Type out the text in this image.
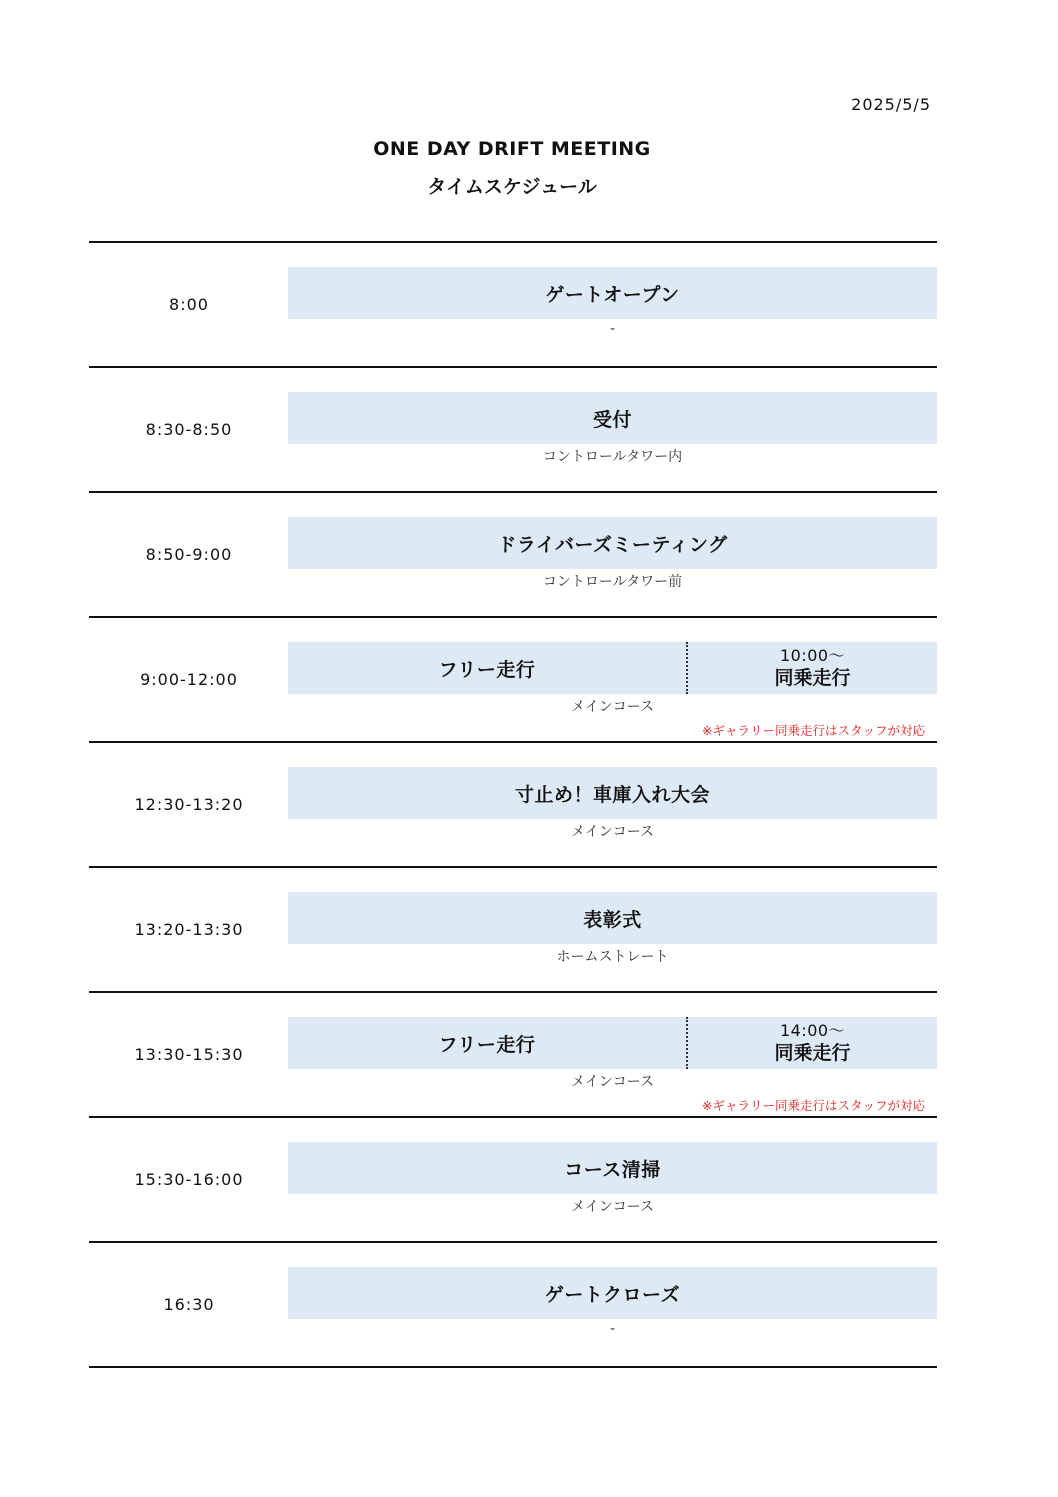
2025/5/5
ONE DAY DRIFT MEETING
タイムスケジュール
8:00	ゲートオープン
-
8:30-8:50	受付
コントロールタワー内
8:50-9:00	ドライバーズミーティング
コントロールタワー前
9:00-12:00	フリー走行
10:00～
同乗走行
メインコース
※ギャラリー同乗走行はスタッフが対応
12:30-13:20	寸止め！車庫入れ大会
メインコース
13:20-13:30	表彰式
ホームストレート
13:30-15:30	フリー走行
14:00～
同乗走行
メインコース
※ギャラリー同乗走行はスタッフが対応
15:30-16:00	コース清掃
メインコース
16:30	ゲートクローズ
-
